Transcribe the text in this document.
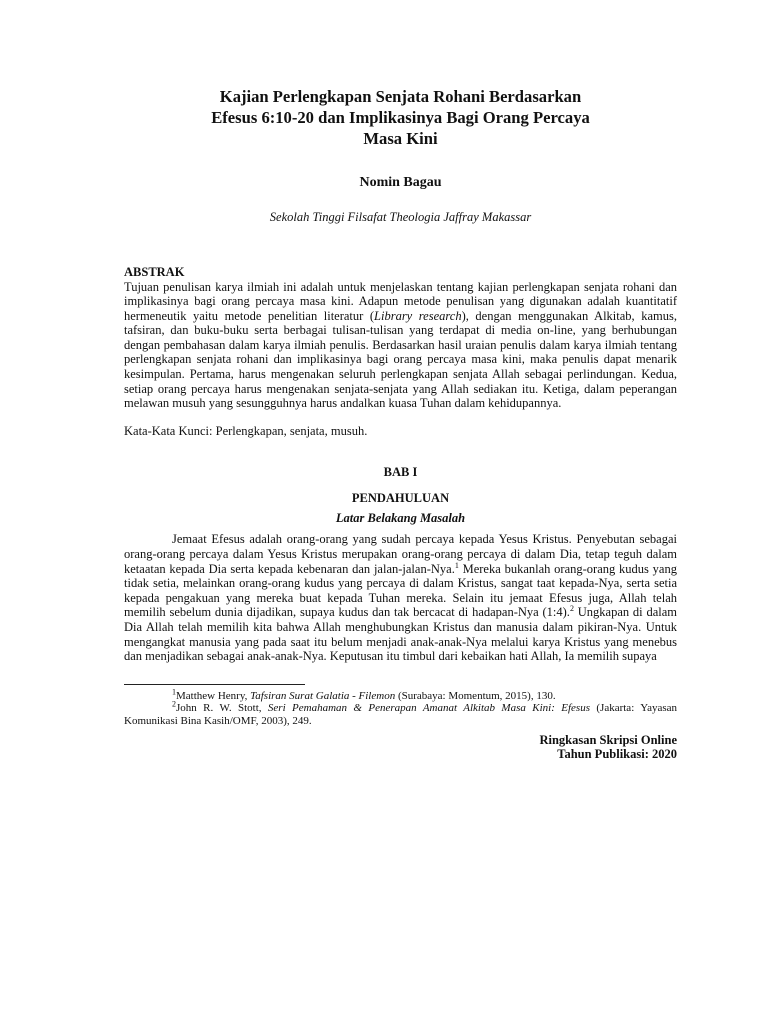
Kajian Perlengkapan Senjata Rohani Berdasarkan
Efesus 6:10-20 dan Implikasinya Bagi Orang Percaya
Masa Kini
Nomin Bagau
Sekolah Tinggi Filsafat Theologia Jaffray Makassar
ABSTRAK

Tujuan penulisan karya ilmiah ini adalah untuk menjelaskan tentang kajian perlengkapan senjata rohani dan implikasinya bagi orang percaya masa kini. Adapun metode penulisan yang digunakan adalah kuantitatif hermeneutik yaitu metode penelitian literatur (Library research), dengan menggunakan Alkitab, kamus, tafsiran, dan buku-buku serta berbagai tulisan-tulisan yang terdapat di media on-line, yang berhubungan dengan pembahasan dalam karya ilmiah penulis. Berdasarkan hasil uraian penulis dalam karya ilmiah tentang perlengkapan senjata rohani dan implikasinya bagi orang percaya masa kini, maka penulis dapat menarik kesimpulan. Pertama, harus mengenakan seluruh perlengkapan senjata Allah sebagai perlindungan. Kedua, setiap orang percaya harus mengenakan senjata-senjata yang Allah sediakan itu. Ketiga, dalam peperangan melawan musuh yang sesungguhnya harus andalkan kuasa Tuhan dalam kehidupannya.

Kata-Kata Kunci: Perlengkapan, senjata, musuh.

BAB I
PENDAHULUAN
Latar Belakang Masalah

Jemaat Efesus adalah orang-orang yang sudah percaya kepada Yesus Kristus. Penyebutan sebagai orang-orang percaya dalam Yesus Kristus merupakan orang-orang percaya di dalam Dia, tetap teguh dalam ketaatan kepada Dia serta kepada kebenaran dan jalan-jalan-Nya.$^1$ Mereka bukanlah orang-orang kudus yang tidak setia, melainkan orang-orang kudus yang percaya di dalam Kristus, sangat taat kepada-Nya, serta setia kepada pengakuan yang mereka buat kepada Tuhan mereka. Selain itu jemaat Efesus juga, Allah telah memilih sebelum dunia dijadikan, supaya kudus dan tak bercacat di hadapan-Nya (1:4).$^2$ Ungkapan di dalam Dia Allah telah memilih kita bahwa Allah menghubungkan Kristus dan manusia dalam pikiran-Nya. Untuk mengangkat manusia yang pada saat itu belum menjadi anak-anak-Nya melalui karya Kristus yang menebus dan menjadikan sebagai anak-anak-Nya. Keputusan itu timbul dari kebaikan hati Allah, Ia memilih supaya

$^1$Matthew Henry, Tafsiran Surat Galatia - Filemon (Surabaya: Momentum, 2015), 130.
$^2$John R. W. Stott, Seri Pemahaman & Penerapan Amanat Alkitab Masa Kini: Efesus (Jakarta: Yayasan Komunikasi Bina Kasih/OMF, 2003), 249.
Ringkasan Skripsi Online
Tahun Publikasi: 2020
